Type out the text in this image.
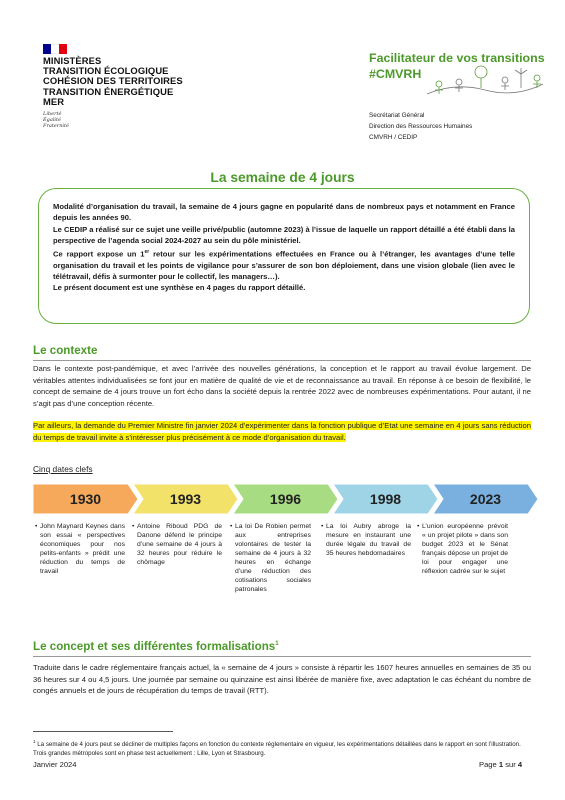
MINISTÈRES
TRANSITION ÉCOLOGIQUE
COHÉSION DES TERRITOIRES
TRANSITION ÉNERGÉTIQUE
MER
Liberté
Égalité
Fraternité
Facilitateur de vos transitions
#CMVRH
Secrétariat Général
Direction des Ressources Humaines
CMVRH / CEDIP
La semaine de 4 jours

Modalité d’organisation du travail, la semaine de 4 jours gagne en popularité dans de nombreux pays et notamment en France depuis les années 90.

Le CEDIP a réalisé sur ce sujet une veille privé/public (automne 2023) à l’issue de laquelle un rapport détaillé a été établi dans la perspective de l’agenda social 2024-2027 au sein du pôle ministériel.

Ce rapport expose un 1er retour sur les expérimentations effectuées en France ou à l’étranger, les avantages d’une telle organisation du travail et les points de vigilance pour s’assurer de son bon déploiement, dans une vision globale (lien avec le télétravail, défis à surmonter pour le collectif, les managers…).

Le présent document est une synthèse en 4 pages du rapport détaillé.

Le contexte
Dans le contexte post-pandémique, et avec l’arrivée des nouvelles générations, la conception et le rapport au travail évolue largement. De véritables attentes individualisées se font jour en matière de qualité de vie et de reconnaissance au travail. En réponse à ce besoin de flexibilité, le concept de semaine de 4 jours trouve un fort écho dans la société depuis la rentrée 2022 avec de nombreuses expérimentations. Pour autant, il ne s’agit pas d’une conception récente.
Par ailleurs, la demande du Premier Ministre fin janvier 2024 d’expérimenter dans la fonction publique d’Etat une semaine en 4 jours sans réduction du temps de travail invite à s’intéresser plus précisément à ce mode d’organisation du travail.
Cinq dates clefs
1930	1993	1996	1998	2023
• John Maynard Keynes dans son essai « perspectives économiques pour nos petits-enfants » prédit une réduction du temps de travail
• Antoine Riboud PDG de Danone défend le principe d’une semaine de 4 jours à 32 heures pour réduire le chômage
• La loi De Robien permet aux entreprises volontaires de tester la semaine de 4 jours à 32 heures en échange d’une réduction des cotisations sociales patronales
• La loi Aubry abroge la mesure en instaurant une durée légale du travail de 35 heures hebdomadaires
• L’union européenne prévoit « un projet pilote » dans son budget 2023 et le Sénat français dépose un projet de loi pour engager une réflexion cadrée sur le sujet
Le concept et ses différentes formalisations$^1$
Traduite dans le cadre réglementaire français actuel, la « semaine de 4 jours » consiste à répartir les 1607 heures annuelles en semaines de 35 ou 36 heures sur 4 ou 4,5 jours. Une journée par semaine ou quinzaine est ainsi libérée de manière fixe, avec adaptation le cas échéant du nombre de congés annuels et de jours de récupération du temps de travail (RTT).
$^1$ La semaine de 4 jours peut se décliner de multiples façons en fonction du contexte réglementaire en vigueur, les expérimentations détaillées dans le rapport en sont l’illustration. Trois grandes métropoles sont en phase test actuellement : Lille, Lyon et Strasbourg.
Janvier 2024	Page 1 sur 4
